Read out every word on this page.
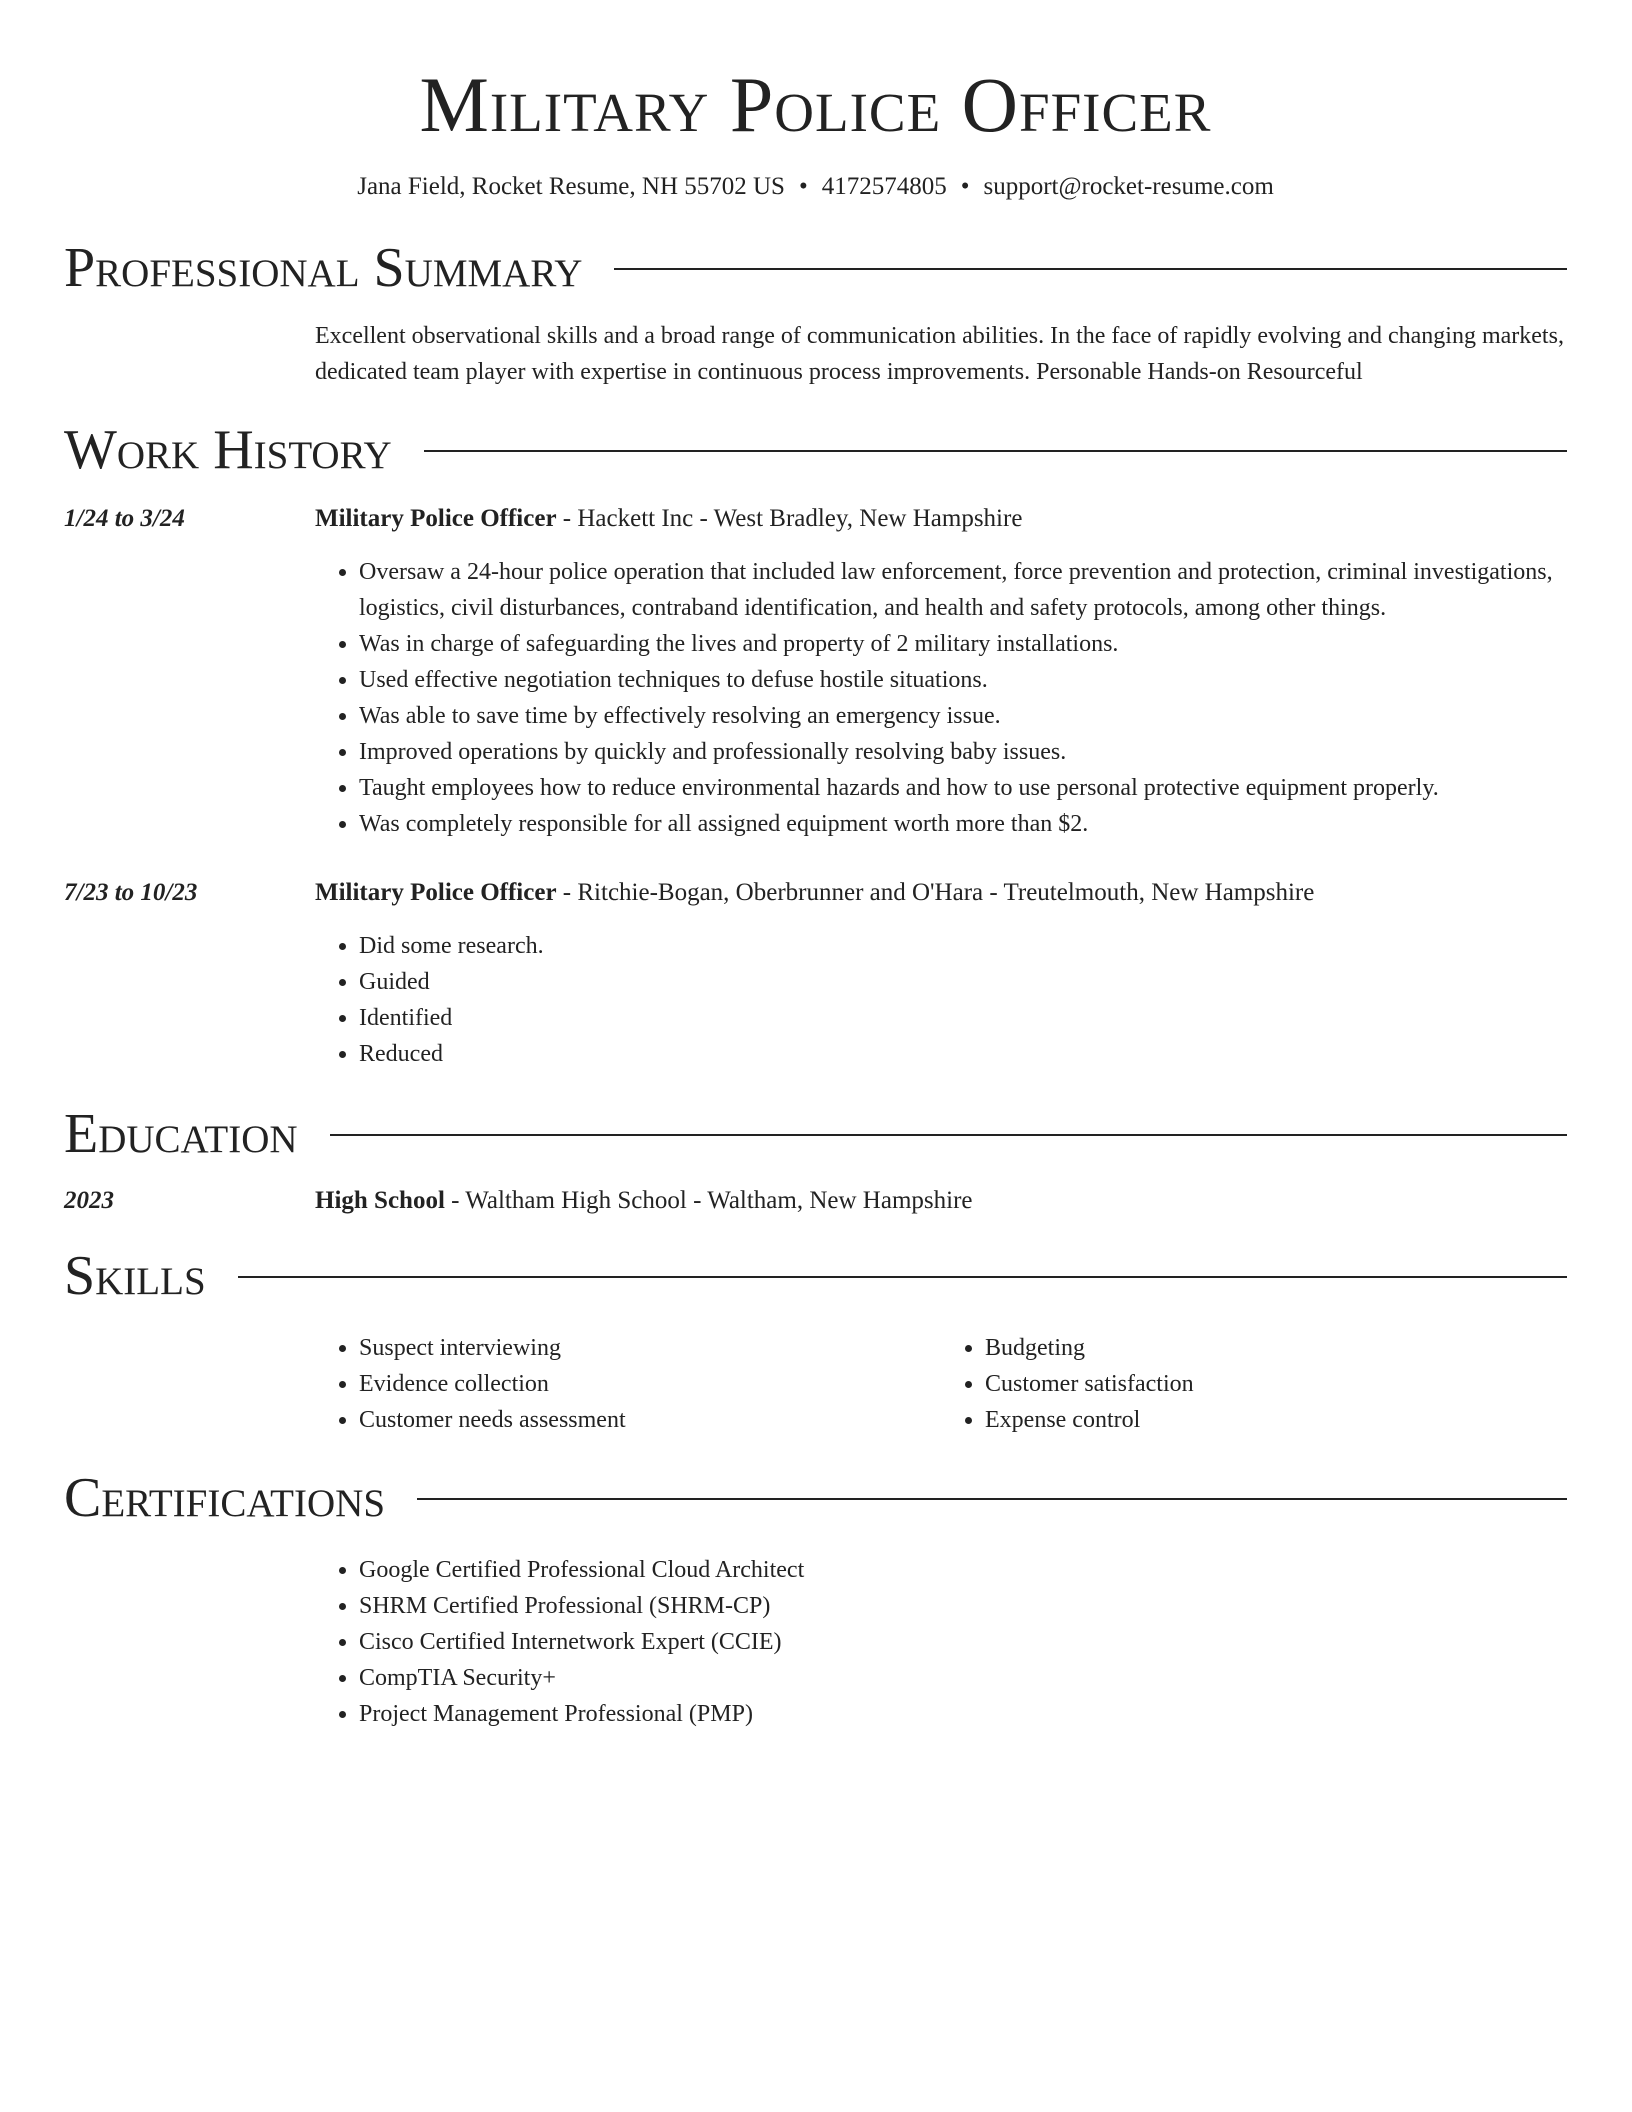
Military Police Officer
Jana Field, Rocket Resume, NH 55702 US • 4172574805 • support@rocket-resume.com
Professional Summary
Excellent observational skills and a broad range of communication abilities. In the face of rapidly evolving and changing markets, dedicated team player with expertise in continuous process improvements. Personable Hands-on Resourceful
Work History
1/24 to 3/24	Military Police Officer - Hackett Inc - West Bradley, New Hampshire
• Oversaw a 24-hour police operation that included law enforcement, force prevention and protection, criminal investigations, logistics, civil disturbances, contraband identification, and health and safety protocols, among other things.
• Was in charge of safeguarding the lives and property of 2 military installations.
• Used effective negotiation techniques to defuse hostile situations.
• Was able to save time by effectively resolving an emergency issue.
• Improved operations by quickly and professionally resolving baby issues.
• Taught employees how to reduce environmental hazards and how to use personal protective equipment properly.
• Was completely responsible for all assigned equipment worth more than $2.
7/23 to 10/23	Military Police Officer - Ritchie-Bogan, Oberbrunner and O'Hara - Treutelmouth, New Hampshire
• Did some research.
• Guided
• Identified
• Reduced
Education
2023	High School - Waltham High School - Waltham, New Hampshire
Skills
• Suspect interviewing
• Evidence collection
• Customer needs assessment
• Budgeting
• Customer satisfaction
• Expense control
Certifications
• Google Certified Professional Cloud Architect
• SHRM Certified Professional (SHRM-CP)
• Cisco Certified Internetwork Expert (CCIE)
• CompTIA Security+
• Project Management Professional (PMP)
